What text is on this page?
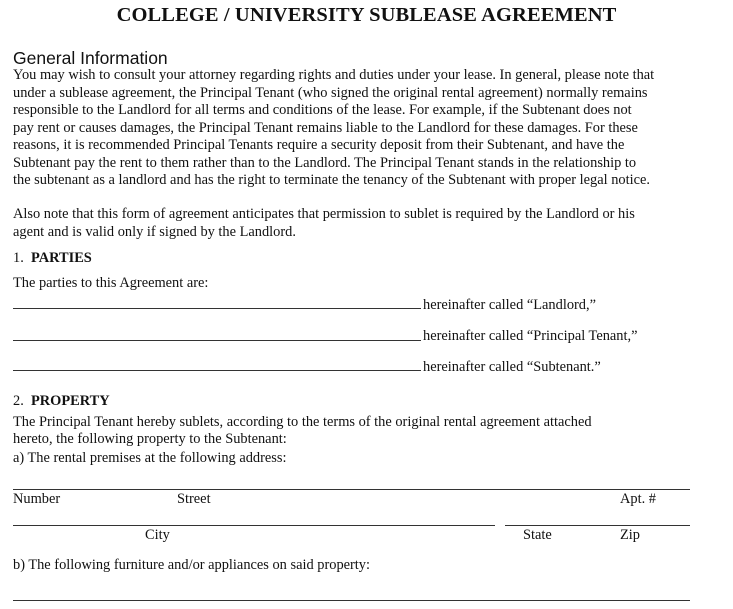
COLLEGE / UNIVERSITY SUBLEASE AGREEMENT
General Information

You may wish to consult your attorney regarding rights and duties under your lease. In general, please note that

under a sublease agreement, the Principal Tenant (who signed the original rental agreement) normally remains

responsible to the Landlord for all terms and conditions of the lease. For example, if the Subtenant does not

pay rent or causes damages, the Principal Tenant remains liable to the Landlord for these damages. For these

reasons, it is recommended Principal Tenants require a security deposit from their Subtenant, and have the

Subtenant pay the rent to them rather than to the Landlord. The Principal Tenant stands in the relationship to

the subtenant as a landlord and has the right to terminate the tenancy of the Subtenant with proper legal notice.

Also note that this form of agreement anticipates that permission to sublet is required by the Landlord or his

agent and is valid only if signed by the Landlord.

1. PARTIES
The parties to this Agreement are:
hereinafter called “Landlord,”
hereinafter called “Principal Tenant,”
hereinafter called “Subtenant.”
2. PROPERTY

The Principal Tenant hereby sublets, according to the terms of the original rental agreement attached

hereto, the following property to the Subtenant:

a) The rental premises at the following address:
Number	Street	Apt. #
City	State	Zip
b) The following furniture and/or appliances on said property:
